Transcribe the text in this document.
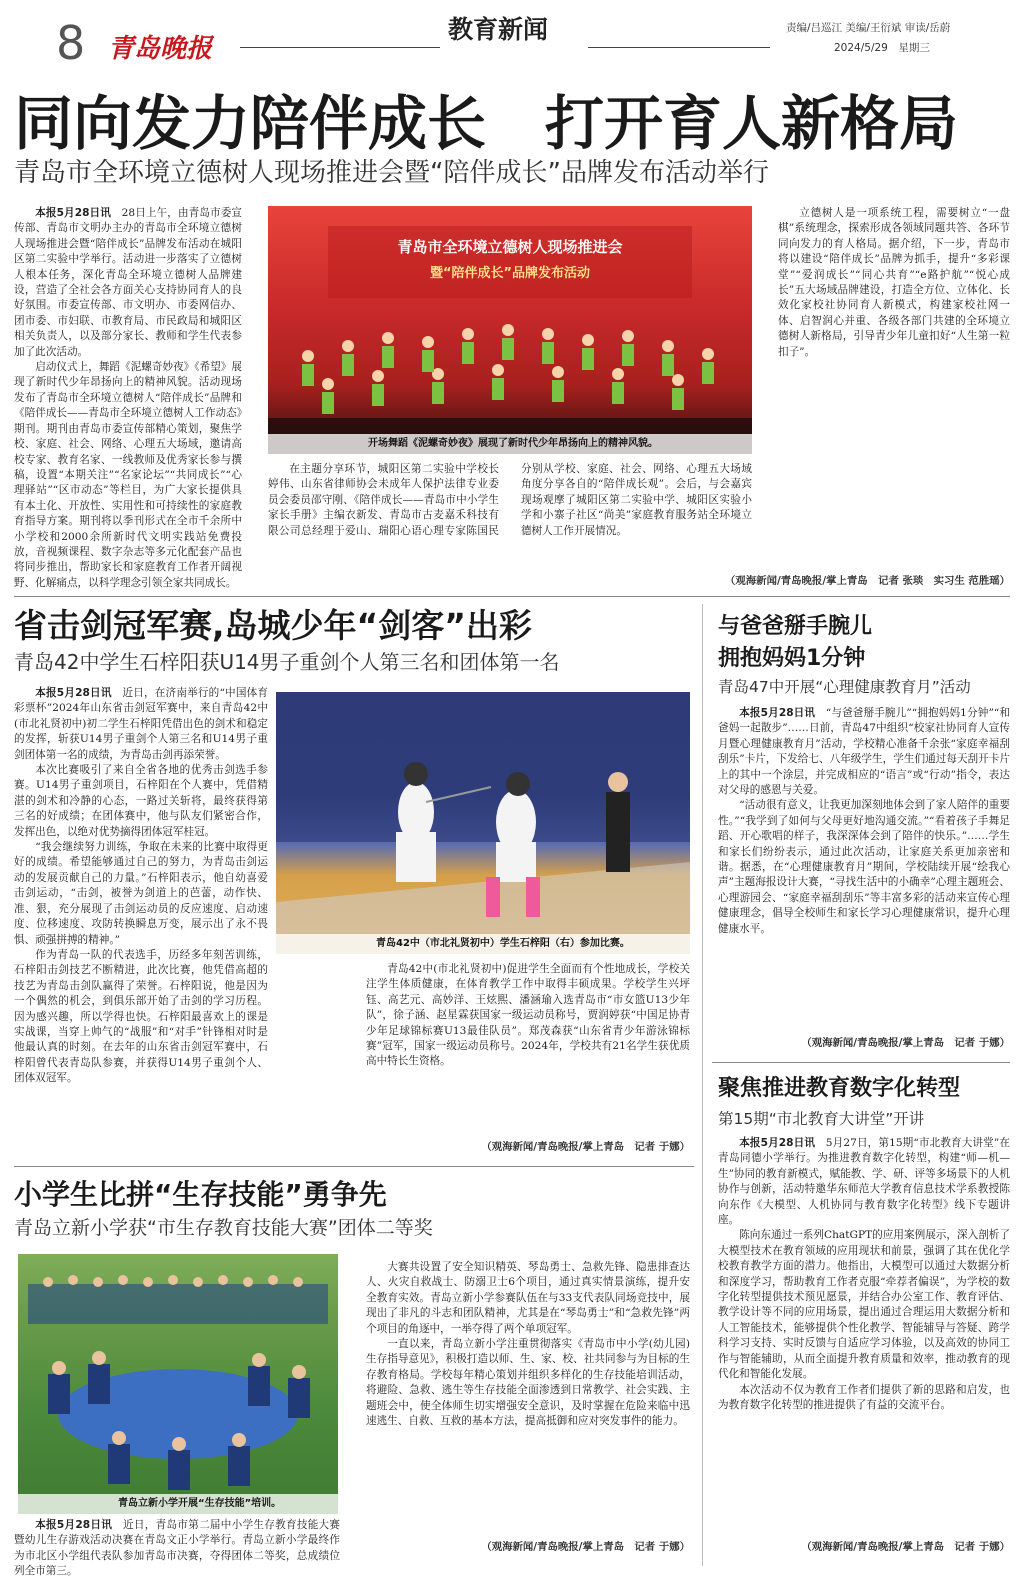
8 青岛晚报
教育新闻	责编/吕巡江 美编/王衍斌 审读/岳蔚
2024/5/29　星期三
同向发力陪伴成长　打开育人新格局
青岛市全环境立德树人现场推进会暨“陪伴成长”品牌发布活动举行

本报5月28日讯　 28日上午，由青岛市委宣传部、青岛市文明办主办的青岛市全环境立德树人现场推进会暨“陪伴成长”品牌发布活动在城阳区第二实验中学举行。活动进一步落实了立德树人根本任务，深化青岛全环境立德树人品牌建设，营造了全社会各方面关心支持协同育人的良好氛围。市委宣传部、市文明办、市委网信办、团市委、市妇联、市教育局、市民政局和城阳区相关负责人，以及部分家长、教师和学生代表参加了此次活动。

启动仪式上，舞蹈《泥螺奇妙夜》《希望》展现了新时代少年昂扬向上的精神风貌。活动现场发布了青岛市全环境立德树人“陪伴成长”品牌和《陪伴成长——青岛市全环境立德树人工作动态》期刊。期刊由青岛市委宣传部精心策划，聚焦学校、家庭、社会、网络、心理五大场域，邀请高校专家、教育名家、一线教师及优秀家长参与撰稿，设置“本期关注”“名家论坛”“共同成长”“心理驿站”“区市动态”等栏目，为广大家长提供具有本土化、开放性、实用性和可持续性的家庭教育指导方案。期刊将以季刊形式在全市千余所中小学校和2000余所新时代文明实践站免费投放，音视频课程、数字杂志等多元化配套产品也将同步推出，帮助家长和家庭教育工作者开阔视野、化解痛点，以科学理念引领全家共同成长。

青岛市全环境立德树人现场推进会
暨“陪伴成长”品牌发布活动
开场舞蹈《泥螺奇妙夜》展现了新时代少年昂扬向上的精神风貌。

在主题分享环节，城阳区第二实验中学校长婷伟、山东省律师协会未成年人保护法律专业委员会委员邵守刚、《陪伴成长——青岛市中小学生家长手册》主编衣新发、青岛市古麦嘉禾科技有限公司总经理于爱山、瑞阳心语心理专家陈国民分别从学校、家庭、社会、网络、心理五大场域角度分享各自的“陪伴成长观”。会后，与会嘉宾现场观摩了城阳区第二实验中学、城阳区实验小学和小寨子社区“尚美”家庭教育服务站全环境立德树人工作开展情况。

立德树人是一项系统工程，需要树立“一盘棋”系统理念，探索形成各领域同题共答、各环节同向发力的育人格局。据介绍，下一步，青岛市将以建设“陪伴成长”品牌为抓手，提升“多彩课堂”“爱润成长”“同心共育”“e路护航”“悦心成长”五大场域品牌建设，打造全方位、立体化、长效化家校社协同育人新模式，构建家校社网一体、启智润心并重、各级各部门共建的全环境立德树人新格局，引导青少年儿童扣好“人生第一粒扣子”。

（观海新闻/青岛晚报/掌上青岛　记者 张琰　实习生 范胜瑶）
省击剑冠军赛,岛城少年“剑客”出彩
青岛42中学生石梓阳获U14男子重剑个人第三名和团体第一名

本报5月28日讯　 近日，在济南举行的“中国体育彩票杯”2024年山东省击剑冠军赛中，来自青岛42中(市北礼贤初中)初二学生石梓阳凭借出色的剑术和稳定的发挥，斩获U14男子重剑个人第三名和U14男子重剑团体第一名的成绩，为青岛击剑再添荣誉。

本次比赛吸引了来自全省各地的优秀击剑选手参赛。U14男子重剑项目，石梓阳在个人赛中，凭借精湛的剑术和冷静的心态，一路过关斩将，最终获得第三名的好成绩；在团体赛中，他与队友们紧密合作，发挥出色，以绝对优势摘得团体冠军桂冠。

“我会继续努力训练，争取在未来的比赛中取得更好的成绩。希望能够通过自己的努力，为青岛击剑运动的发展贡献自己的力量。”石梓阳表示，他自幼喜爱击剑运动，“击剑，被誉为剑道上的芭蕾，动作快、准、狠，充分展现了击剑运动员的反应速度、启动速度、位移速度、攻防转换瞬息万变，展示出了永不畏惧、顽强拼搏的精神。”

作为青岛一队的代表选手，历经多年刻苦训练，石梓阳击剑技艺不断精进，此次比赛，他凭借高超的技艺为青岛击剑队赢得了荣誉。石梓阳说，他是因为一个偶然的机会，到俱乐部开始了击剑的学习历程。因为感兴趣，所以学得也快。石梓阳最喜欢上的课是实战课，当穿上帅气的“战服”和“对手”针锋相对时是他最认真的时刻。在去年的山东省击剑冠军赛中，石梓阳曾代表青岛队参赛，并获得U14男子重剑个人、团体双冠军。

青岛42中（市北礼贤初中）学生石梓阳（右）参加比赛。

青岛42中(市北礼贤初中)促进学生全面而有个性地成长，学校关注学生体质健康，在体育教学工作中取得丰硕成果。学校学生兴坪钰、高艺元、高妙洋、王炫熙、潘涵瑜入选青岛市“市女篮U13少年队”，徐子涵、赵星霖获国家一级运动员称号，贾润婷获“中国足协青少年足球锦标赛U13最佳队员”。郑茂森获“山东省青少年游泳锦标赛”冠军，国家一级运动员称号。2024年，学校共有21名学生获优质高中特长生资格。

（观海新闻/青岛晚报/掌上青岛　记者 于娜）
与爸爸掰手腕儿
拥抱妈妈1分钟
青岛47中开展“心理健康教育月”活动

本报5月28日讯　 “与爸爸掰手腕儿”“拥抱妈妈1分钟”“和爸妈一起散步”……日前，青岛47中组织“校家社协同育人宣传月暨心理健康教育月”活动，学校精心准备千余张“家庭幸福刮刮乐”卡片，下发给七、八年级学生，学生们通过每天刮开卡片上的其中一个涂层，并完成相应的“语言”或“行动”指令，表达对父母的感恩与关爱。

“活动很有意义，让我更加深刻地体会到了家人陪伴的重要性。”“我学到了如何与父母更好地沟通交流。”“看着孩子手舞足蹈、开心歌唱的样子，我深深体会到了陪伴的快乐。”……学生和家长们纷纷表示，通过此次活动，让家庭关系更加亲密和谐。据悉，在“心理健康教育月”期间，学校陆续开展“绘我心声”主题海报设计大赛，“寻找生活中的小确幸”心理主题班会、心理游园会、“家庭幸福刮刮乐”等丰富多彩的活动来宣传心理健康理念，倡导全校师生和家长学习心理健康常识，提升心理健康水平。

（观海新闻/青岛晚报/掌上青岛　记者 于娜）
聚焦推进教育数字化转型
第15期“市北教育大讲堂”开讲

本报5月28日讯　 5月27日，第15期“市北教育大讲堂”在青岛同德小学举行。为推进教育数字化转型，构建“师—机—生”协同的教育新模式，赋能教、学、研、评等多场景下的人机协作与创新，活动特邀华东师范大学教育信息技术学系教授陈向东作《大模型、人机协同与教育数字化转型》线下专题讲座。

陈向东通过一系列ChatGPT的应用案例展示，深入剖析了大模型技术在教育领域的应用现状和前景，强调了其在优化学校教育教学方面的潜力。他指出，大模型可以通过大数据分析和深度学习，帮助教育工作者克服“牵荐者偏误”，为学校的数字化转型提供技术预见愿景，并结合办公室工作、教育评估、教学设计等不同的应用场景，提出通过合理运用大数据分析和人工智能技术，能够提供个性化教学、智能辅导与答疑、跨学科学习支持、实时反馈与自适应学习体验，以及高效的协同工作与智能辅助，从而全面提升教育质量和效率，推动教育的现代化和智能化发展。

本次活动不仅为教育工作者们提供了新的思路和启发，也为教育数字化转型的推进提供了有益的交流平台。

（观海新闻/青岛晚报/掌上青岛　记者 于娜）
小学生比拼“生存技能”勇争先
青岛立新小学获“市生存教育技能大赛”团体二等奖
青岛立新小学开展“生存技能”培训。

本报5月28日讯　 近日，青岛市第二届中小学生存教育技能大赛暨幼儿生存游戏活动决赛在青岛文正小学举行。青岛立新小学最终作为市北区小学组代表队参加青岛市决赛，夺得团体二等奖，总成绩位列全市第三。

大赛共设置了安全知识精英、琴岛勇士、急救先锋、隐患排查达人、火灾自救战士、防溺卫士6个项目，通过真实情景演练，提升安全教育实效。青岛立新小学参赛队伍在与33支代表队同场竞技中，展现出了非凡的斗志和团队精神，尤其是在“琴岛勇士”和“急救先锋”两个项目的角逐中，一举夺得了两个单项冠军。

一直以来，青岛立新小学注重贯彻落实《青岛市中小学(幼儿园)生存指导意见》，积极打造以师、生、家、校、社共同参与为目标的生存教育格局。学校每年精心策划并组织多样化的生存技能培训活动，将避险、急救、逃生等生存技能全面渗透到日常教学、社会实践、主题班会中，使全体师生切实增强安全意识，及时掌握在危险来临中迅速逃生、自救、互救的基本方法，提高抵御和应对突发事件的能力。

（观海新闻/青岛晚报/掌上青岛　记者 于娜）
